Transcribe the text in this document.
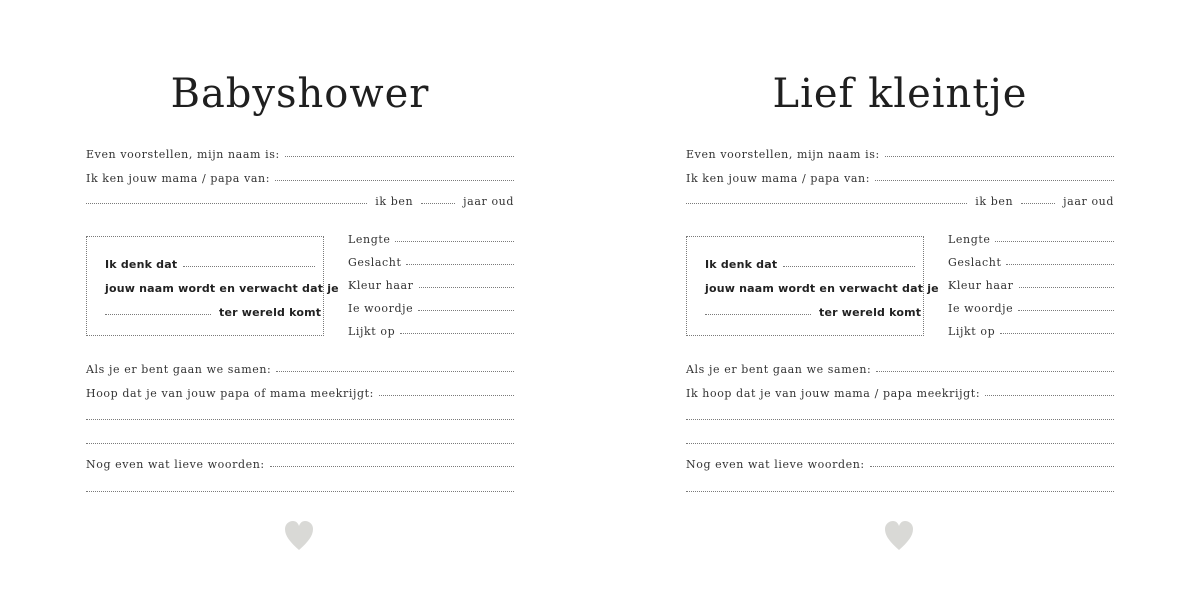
Babyshower
Even voorstellen, mijn naam is:
Ik ken jouw mama / papa van:
ik ben	jaar oud
Ik denk dat
jouw naam wordt en verwacht dat je
ter wereld komt
Lengte
Geslacht
Kleur haar
Ie woordje
Lijkt op
Als je er bent gaan we samen:
Hoop dat je van jouw papa of mama meekrijgt:
Nog even wat lieve woorden:
Lief kleintje
Even voorstellen, mijn naam is:
Ik ken jouw mama / papa van:
ik ben	jaar oud
Ik denk dat
jouw naam wordt en verwacht dat je
ter wereld komt
Lengte
Geslacht
Kleur haar
Ie woordje
Lijkt op
Als je er bent gaan we samen:
Ik hoop dat je van jouw mama / papa meekrijgt:
Nog even wat lieve woorden:
